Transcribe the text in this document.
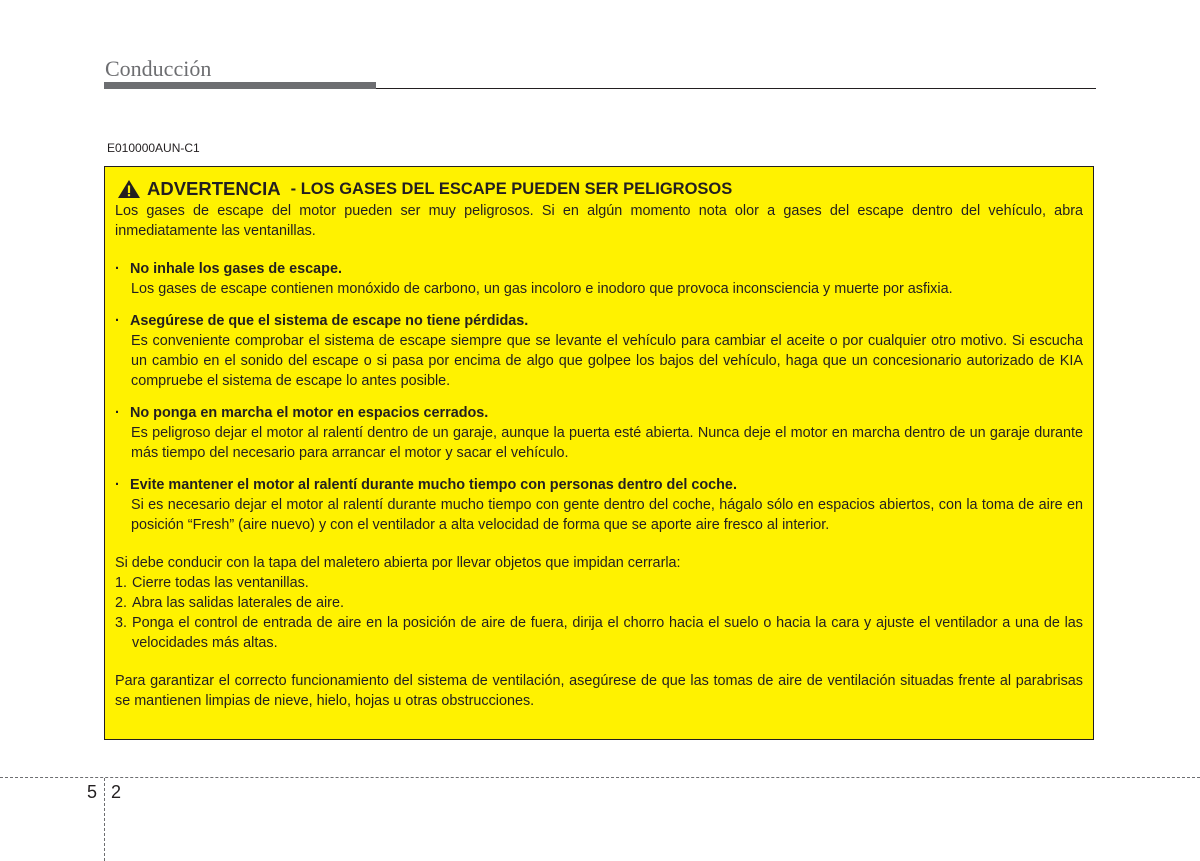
Conducción
E010000AUN-C1
ADVERTENCIA - LOS GASES DEL ESCAPE PUEDEN SER PELIGROSOS

Los gases de escape del motor pueden ser muy peligrosos. Si en algún momento nota olor a gases del escape dentro del vehículo, abra inmediatamente las ventanillas.

· No inhale los gases de escape.

Los gases de escape contienen monóxido de carbono, un gas incoloro e inodoro que provoca inconsciencia y muerte por asfixia.

· Asegúrese de que el sistema de escape no tiene pérdidas.

Es conveniente comprobar el sistema de escape siempre que se levante el vehículo para cambiar el aceite o por cualquier otro motivo. Si escucha un cambio en el sonido del escape o si pasa por encima de algo que golpee los bajos del vehículo, haga que un concesionario autorizado de KIA compruebe el sistema de escape lo antes posible.

· No ponga en marcha el motor en espacios cerrados.

Es peligroso dejar el motor al ralentí dentro de un garaje, aunque la puerta esté abierta. Nunca deje el motor en marcha dentro de un garaje durante más tiempo del necesario para arrancar el motor y sacar el vehículo.

· Evite mantener el motor al ralentí durante mucho tiempo con personas dentro del coche.

Si es necesario dejar el motor al ralentí durante mucho tiempo con gente dentro del coche, hágalo sólo en espacios abiertos, con la toma de aire en posición “Fresh” (aire nuevo) y con el ventilador a alta velocidad de forma que se aporte aire fresco al interior.

Si debe conducir con la tapa del maletero abierta por llevar objetos que impidan cerrarla:

1. Cierre todas las ventanillas.
2. Abra las salidas laterales de aire.
3. Ponga el control de entrada de aire en la posición de aire de fuera, dirija el chorro hacia el suelo o hacia la cara y ajuste el ventilador a una de las velocidades más altas.

Para garantizar el correcto funcionamiento del sistema de ventilación, asegúrese de que las tomas de aire de ventilación situadas frente al parabrisas se mantienen limpias de nieve, hielo, hojas u otras obstrucciones.

5 2
